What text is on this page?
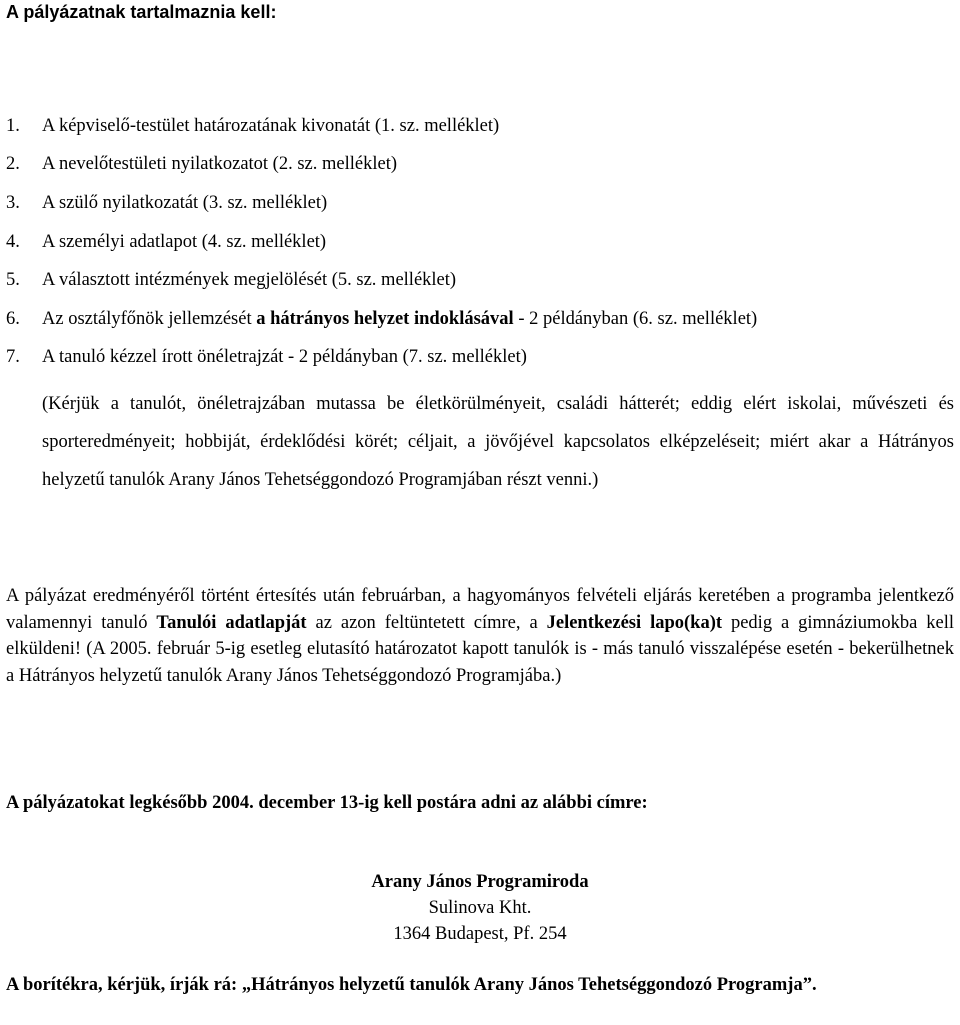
A pályázatnak tartalmaznia kell:
1. A képviselő-testület határozatának kivonatát (1. sz. melléklet)
2. A nevelőtestületi nyilatkozatot (2. sz. melléklet)
3. A szülő nyilatkozatát (3. sz. melléklet)
4. A személyi adatlapot (4. sz. melléklet)
5. A választott intézmények megjelölését (5. sz. melléklet)
6. Az osztályfőnök jellemzését a hátrányos helyzet indoklásával - 2 példányban (6. sz. melléklet)
7. A tanuló kézzel írott önéletrajzát - 2 példányban (7. sz. melléklet)
(Kérjük a tanulót, önéletrajzában mutassa be életkörülményeit, családi hátterét; eddig elért iskolai, művészeti és sporteredményeit; hobbiját, érdeklődési körét; céljait, a jövőjével kapcsolatos elképzeléseit; miért akar a Hátrányos helyzetű tanulók Arany János Tehetséggondozó Programjában részt venni.)
A pályázat eredményéről történt értesítés után februárban, a hagyományos felvételi eljárás keretében a programba jelentkező valamennyi tanuló Tanulói adatlapját az azon feltüntetett címre, a Jelentkezési lapo(ka)t pedig a gimnáziumokba kell elküldeni! (A 2005. február 5-ig esetleg elutasító határozatot kapott tanulók is - más tanuló visszalépése esetén - bekerülhetnek a Hátrányos helyzetű tanulók Arany János Tehetséggondozó Programjába.)
A pályázatokat legkésőbb 2004. december 13-ig kell postára adni az alábbi címre:
Arany János Programiroda
Sulinova Kht.
1364 Budapest, Pf. 254
A borítékra, kérjük, írják rá: „Hátrányos helyzetű tanulók Arany János Tehetséggondozó Programja”.
